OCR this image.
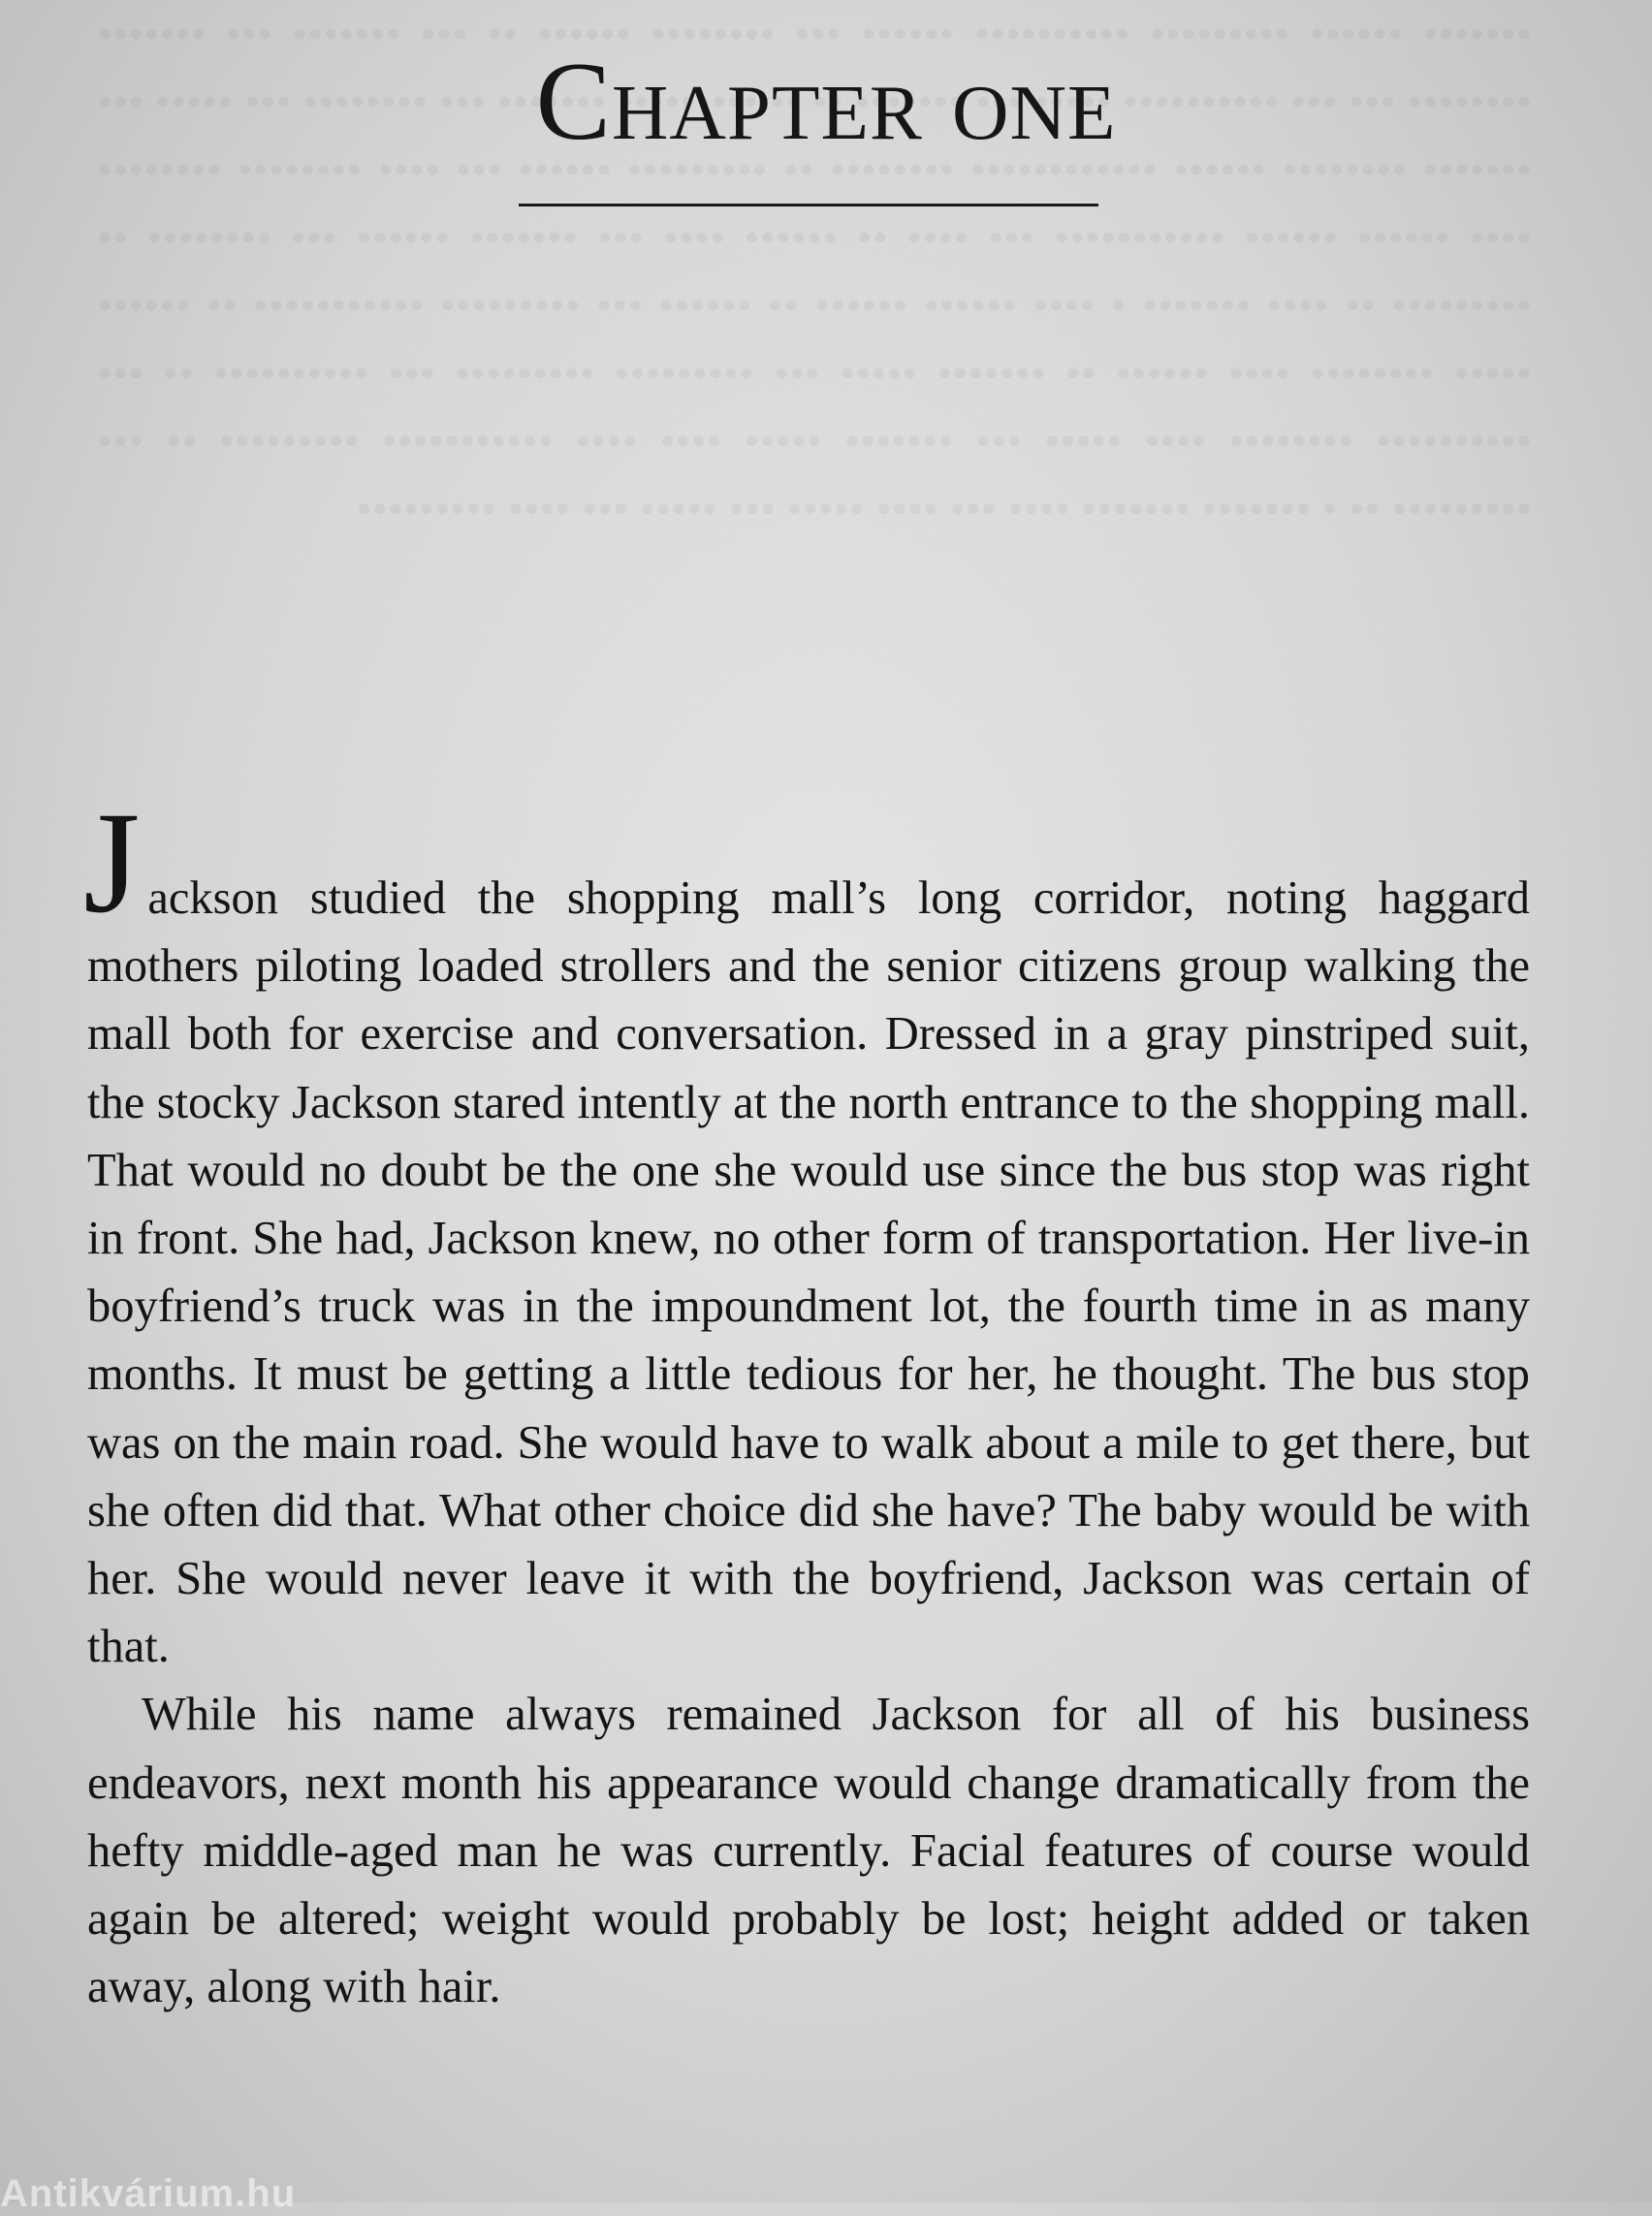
Chapter one

Jackson studied the shopping mall’s long corridor, noting haggard mothers piloting loaded strollers and the senior citizens group walking the mall both for exercise and conversation. Dressed in a gray pinstriped suit, the stocky Jackson stared intently at the north entrance to the shopping mall. That would no doubt be the one she would use since the bus stop was right in front. She had, Jackson knew, no other form of transportation. Her live-in boyfriend’s truck was in the impoundment lot, the fourth time in as many months. It must be getting a little tedious for her, he thought. The bus stop was on the main road. She would have to walk about a mile to get there, but she often did that. What other choice did she have? The baby would be with her. She would never leave it with the boyfriend, Jackson was certain of that.

While his name always remained Jackson for all of his business endeavors, next month his appearance would change dramatically from the hefty middle-aged man he was currently. Facial features of course would again be altered; weight would probably be lost; height added or taken away, along with hair.

Antikvárium.hu
